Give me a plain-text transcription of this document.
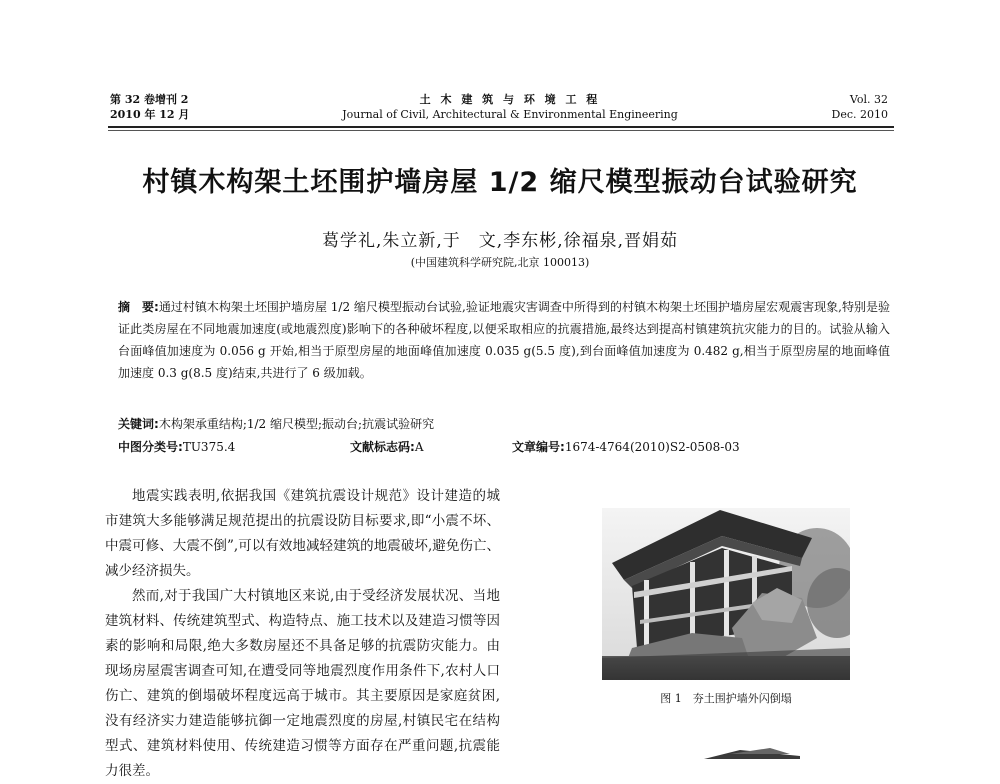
第 32 卷增刊 2
2010 年 12 月
土 木 建 筑 与 环 境 工 程
Journal of Civil, Architectural & Environmental Engineering
Vol. 32
Dec. 2010
村镇木构架土坯围护墙房屋 1/2 缩尺模型振动台试验研究
葛学礼,朱立新,于　文,李东彬,徐福泉,晋娟茹
(中国建筑科学研究院,北京 100013)
摘　要:通过村镇木构架土坯围护墙房屋 1/2 缩尺模型振动台试验,验证地震灾害调查中所得到的村镇木构架土坯围护墙房屋宏观震害现象,特别是验证此类房屋在不同地震加速度(或地震烈度)影响下的各种破坏程度,以便采取相应的抗震措施,最终达到提高村镇建筑抗灾能力的目的。试验从输入台面峰值加速度为 0.056 g 开始,相当于原型房屋的地面峰值加速度 0.035 g(5.5 度),到台面峰值加速度为 0.482 g,相当于原型房屋的地面峰值加速度 0.3 g(8.5 度)结束,共进行了 6 级加载。
关键词:木构架承重结构;1/2 缩尺模型;振动台;抗震试验研究
中图分类号:TU375.4	文献标志码:A	文章编号:1674-4764(2010)S2-0508-03

地震实践表明,依据我国《建筑抗震设计规范》设计建造的城市建筑大多能够满足规范提出的抗震设防目标要求,即“小震不坏、中震可修、大震不倒”,可以有效地减轻建筑的地震破坏,避免伤亡、减少经济损失。

然而,对于我国广大村镇地区来说,由于受经济发展状况、当地建筑材料、传统建筑型式、构造特点、施工技术以及建造习惯等因素的影响和局限,绝大多数房屋还不具备足够的抗震防灾能力。由现场房屋震害调查可知,在遭受同等地震烈度作用条件下,农村人口伤亡、建筑的倒塌破坏程度远高于城市。其主要原因是家庭贫困,没有经济实力建造能够抗御一定地震烈度的房屋,村镇民宅在结构型式、建筑材料使用、传统建造习惯等方面存在严重问题,抗震能力很差。

图 1　夯土围护墙外闪倒塌
